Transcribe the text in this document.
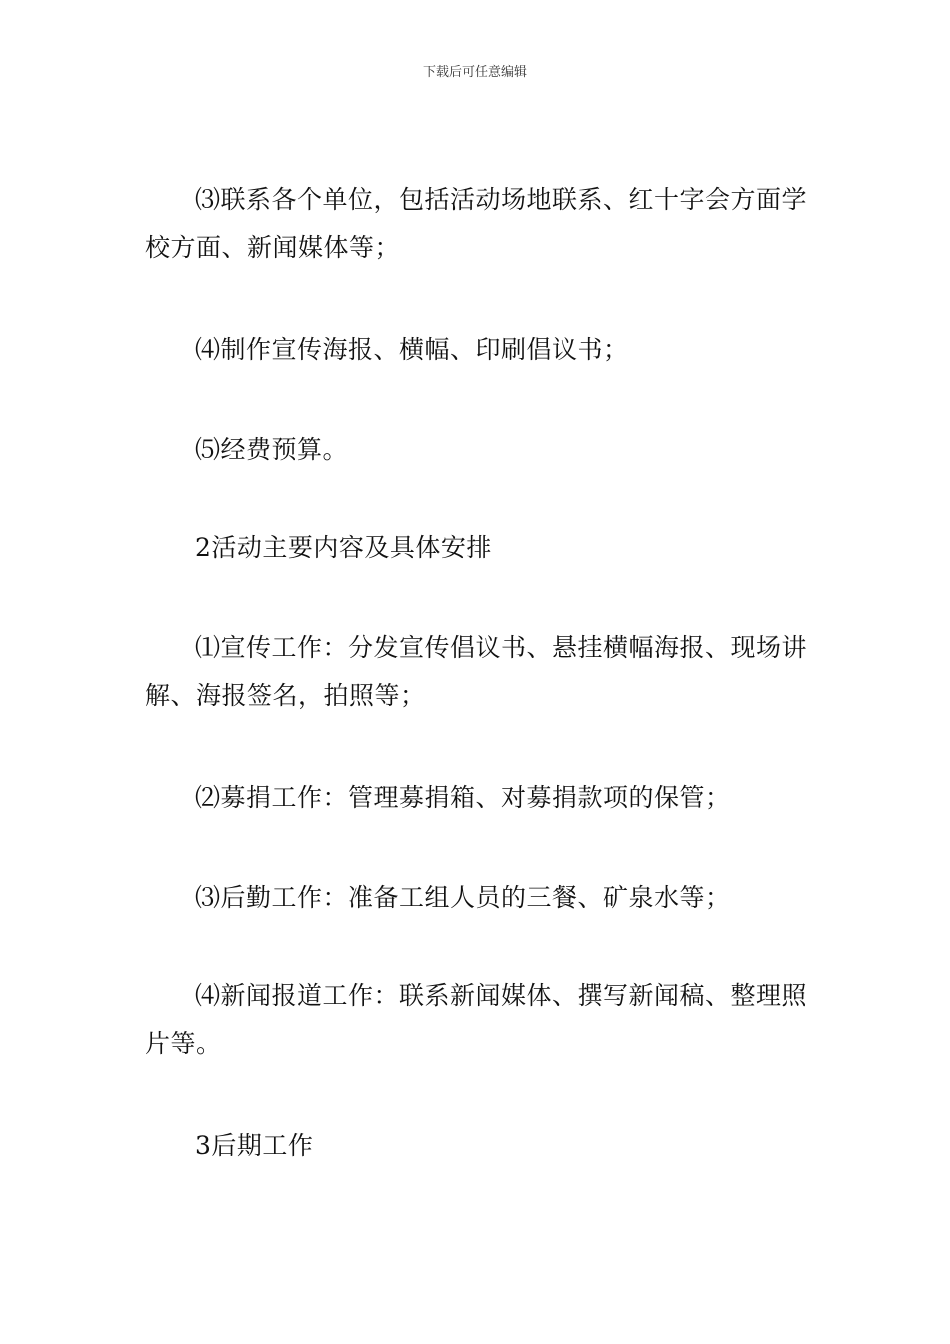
下载后可任意编辑

⑶联系各个单位，包括活动场地联系、红十字会方面学校方面、新闻媒体等；

⑷制作宣传海报、横幅、印刷倡议书；

⑸经费预算。

2活动主要内容及具体安排

⑴宣传工作：分发宣传倡议书、悬挂横幅海报、现场讲解、海报签名，拍照等；

⑵募捐工作：管理募捐箱、对募捐款项的保管；

⑶后勤工作：准备工组人员的三餐、矿泉水等；

⑷新闻报道工作：联系新闻媒体、撰写新闻稿、整理照片等。

3后期工作
